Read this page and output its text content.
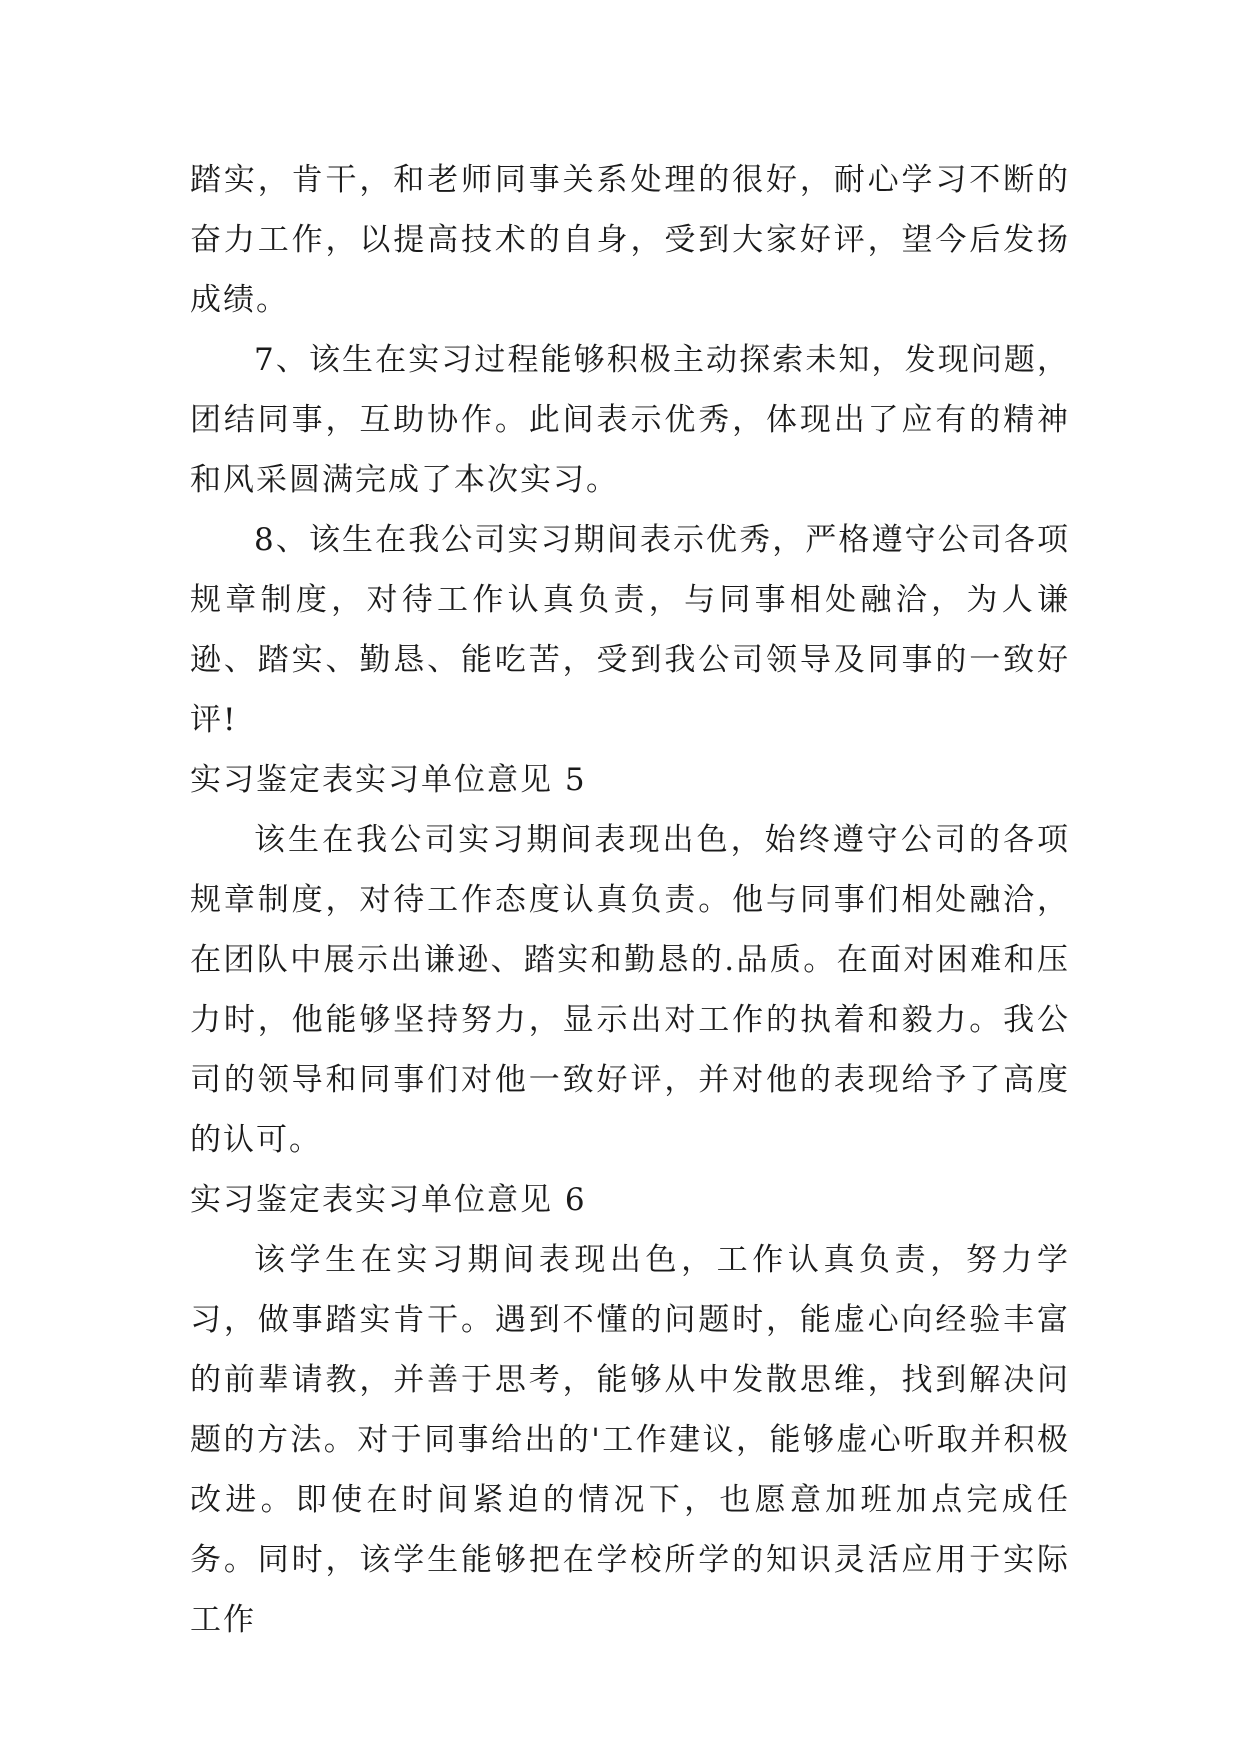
踏实，肯干，和老师同事关系处理的很好，耐心学习不断的奋力工作，以提高技术的自身，受到大家好评，望今后发扬成绩。

7、该生在实习过程能够积极主动探索未知，发现问题，团结同事，互助协作。此间表示优秀，体现出了应有的精神和风采圆满完成了本次实习。

8、该生在我公司实习期间表示优秀，严格遵守公司各项规章制度，对待工作认真负责，与同事相处融洽，为人谦逊、踏实、勤恳、能吃苦，受到我公司领导及同事的一致好评!

实习鉴定表实习单位意见 5

该生在我公司实习期间表现出色，始终遵守公司的各项规章制度，对待工作态度认真负责。他与同事们相处融洽，在团队中展示出谦逊、踏实和勤恳的.品质。在面对困难和压力时，他能够坚持努力，显示出对工作的执着和毅力。我公司的领导和同事们对他一致好评，并对他的表现给予了高度的认可。

实习鉴定表实习单位意见 6

该学生在实习期间表现出色，工作认真负责，努力学习，做事踏实肯干。遇到不懂的问题时，能虚心向经验丰富的前辈请教，并善于思考，能够从中发散思维，找到解决问题的方法。对于同事给出的'工作建议，能够虚心听取并积极改进。即使在时间紧迫的情况下，也愿意加班加点完成任务。同时，该学生能够把在学校所学的知识灵活应用于实际工作
